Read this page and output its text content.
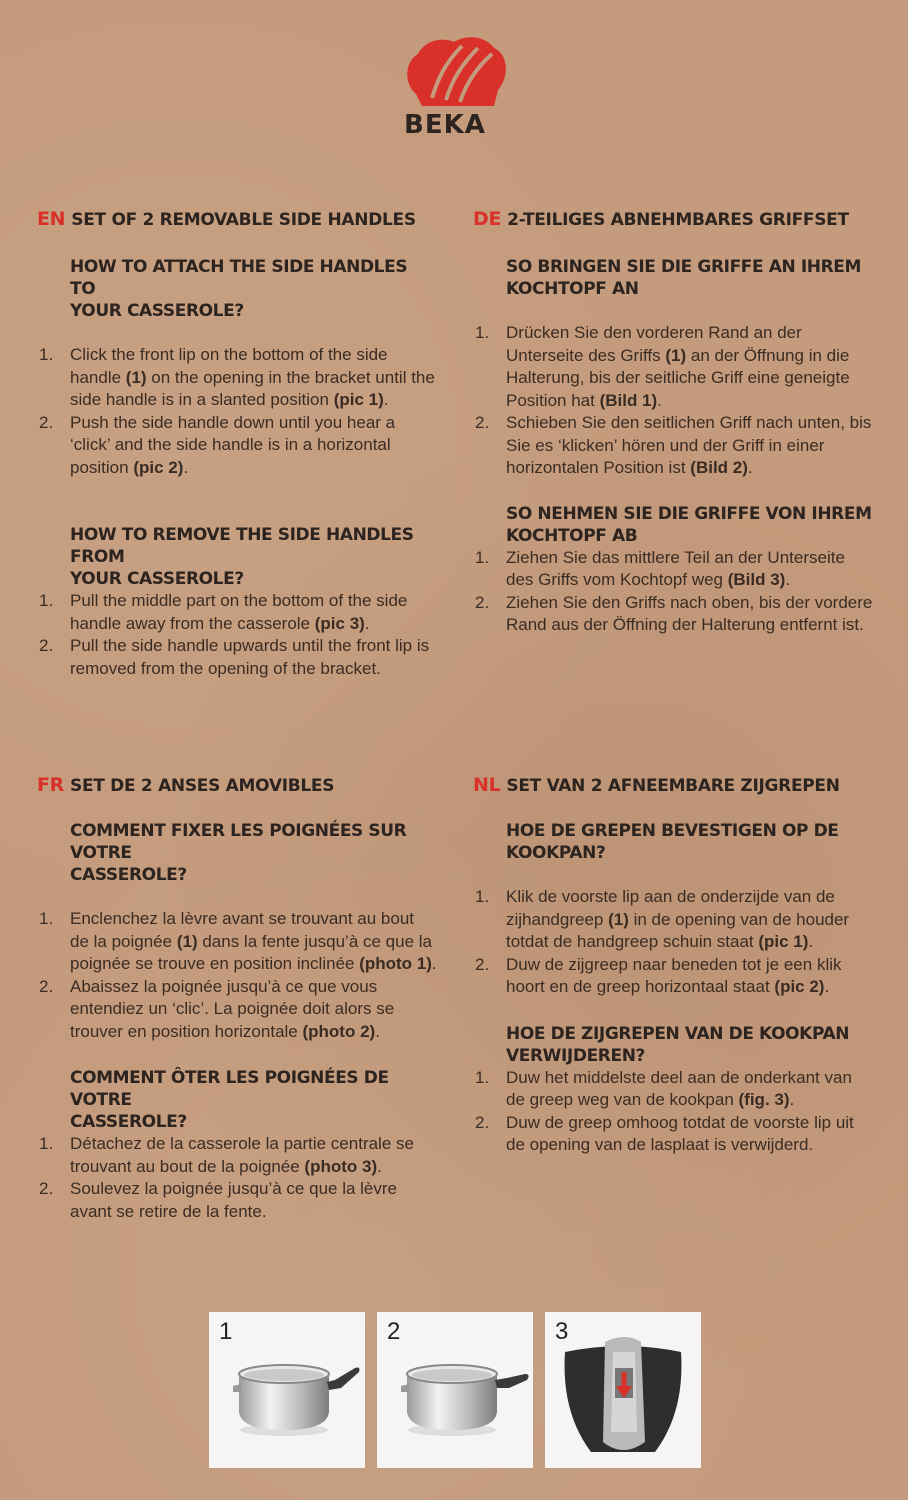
BEKA
EN SET OF 2 REMOVABLE SIDE HANDLES
HOW TO ATTACH THE SIDE HANDLES TO
YOUR CASSEROLE?
1. Click the front lip on the bottom of the side handle (1) on the opening in the bracket until the side handle is in a slanted position (pic 1).
2. Push the side handle down until you hear a ‘click’ and the side handle is in a horizontal position (pic 2).
HOW TO REMOVE THE SIDE HANDLES FROM
YOUR CASSEROLE?
1. Pull the middle part on the bottom of the side handle away from the casserole (pic 3).
2. Pull the side handle upwards until the front lip is removed from the opening of the bracket.
DE 2-TEILIGES ABNEHMBARES GRIFFSET
SO BRINGEN SIE DIE GRIFFE AN IHREM
KOCHTOPF AN
1. Drücken Sie den vorderen Rand an der Unterseite des Griffs (1) an der Öffnung in die Halterung, bis der seitliche Griff eine geneigte Position hat (Bild 1).
2. Schieben Sie den seitlichen Griff nach unten, bis Sie es ‘klicken’ hören und der Griff in einer horizontalen Position ist (Bild 2).
SO NEHMEN SIE DIE GRIFFE VON IHREM
KOCHTOPF AB
1. Ziehen Sie das mittlere Teil an der Unterseite des Griffs vom Kochtopf weg (Bild 3).
2. Ziehen Sie den Griffs nach oben, bis der vordere Rand aus der Öffning der Halterung entfernt ist.
FR SET DE 2 ANSES AMOVIBLES
COMMENT FIXER LES POIGNÉES SUR VOTRE
CASSEROLE?
1. Enclenchez la lèvre avant se trouvant au bout de la poignée (1) dans la fente jusqu’à ce que la poignée se trouve en position inclinée (photo 1).
2. Abaissez la poignée jusqu’à ce que vous entendiez un ‘clic’. La poignée doit alors se trouver en position horizontale (photo 2).
COMMENT ÔTER LES POIGNÉES DE VOTRE
CASSEROLE?
1. Détachez de la casserole la partie centrale se trouvant au bout de la poignée (photo 3).
2. Soulevez la poignée jusqu’à ce que la lèvre avant se retire de la fente.
NL SET VAN 2 AFNEEMBARE ZIJGREPEN
HOE DE GREPEN BEVESTIGEN OP DE
KOOKPAN?
1. Klik de voorste lip aan de onderzijde van de zijhandgreep (1) in de opening van de houder totdat de handgreep schuin staat (pic 1).
2. Duw de zijgreep naar beneden tot je een klik hoort en de greep horizontaal staat (pic 2).
HOE DE ZIJGREPEN VAN DE KOOKPAN
VERWIJDEREN?
1. Duw het middelste deel aan de onderkant van de greep weg van de kookpan (fig. 3).
2. Duw de greep omhoog totdat de voorste lip uit de opening van de lasplaat is verwijderd.
1	2	3
